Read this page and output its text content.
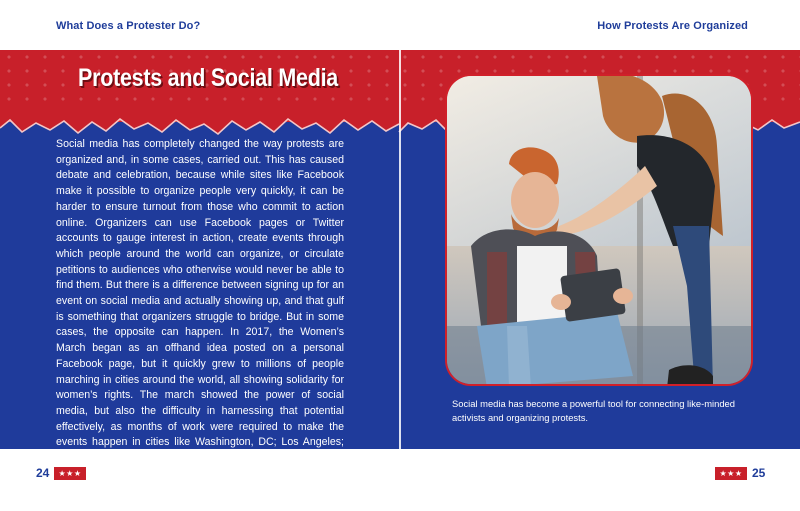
What Does a Protester Do?	How Protests Are Organized
Protests and Social Media

Social media has completely changed the way protests are organized and, in some cases, carried out. This has caused debate and celebration, because while sites like Facebook make it possible to organize people very quickly, it can be harder to ensure turnout from those who commit to action online. Organizers can use Facebook pages or Twitter accounts to gauge interest in action, create events through which people around the world can organize, or circulate petitions to audiences who otherwise would never be able to find them. But there is a difference between signing up for an event on social media and actually showing up, and that gulf is something that organizers struggle to bridge. But in some cases, the opposite can happen. In 2017, the Women’s March began as an offhand idea posted on a personal Facebook page, but it quickly grew to millions of people marching in cities around the world, all showing solidarity for women’s rights. The march showed the power of social media, but also the difficulty in harnessing that potential effectively, as months of work were required to make the events happen in cities like Washington, DC; Los Angeles; New York; London; and Paris.

Social media has become a powerful tool for connecting like-minded activists and organizing protests.

24	★★★	★★★ 25
